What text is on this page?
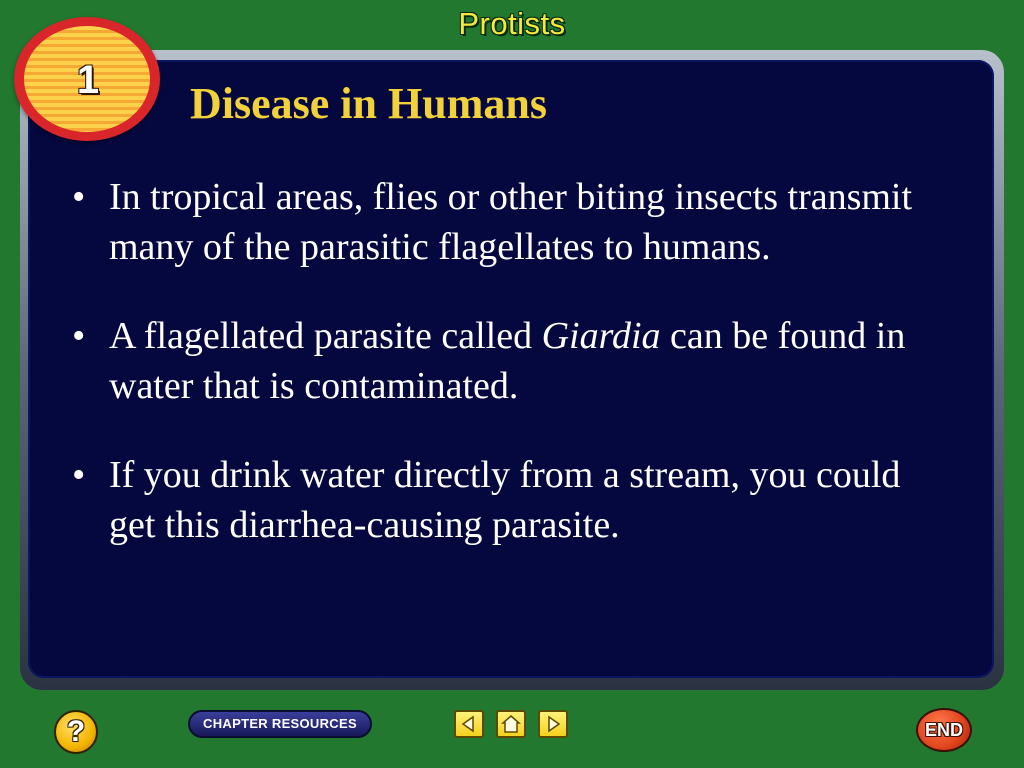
Protists
1	Disease in Humans
• In tropical areas, flies or other biting insects transmit many of the parasitic flagellates to humans.
• A flagellated parasite called Giardia can be found in water that is contaminated.
• If you drink water directly from a stream, you could get this diarrhea-causing parasite.
?	CHAPTER RESOURCES	END
